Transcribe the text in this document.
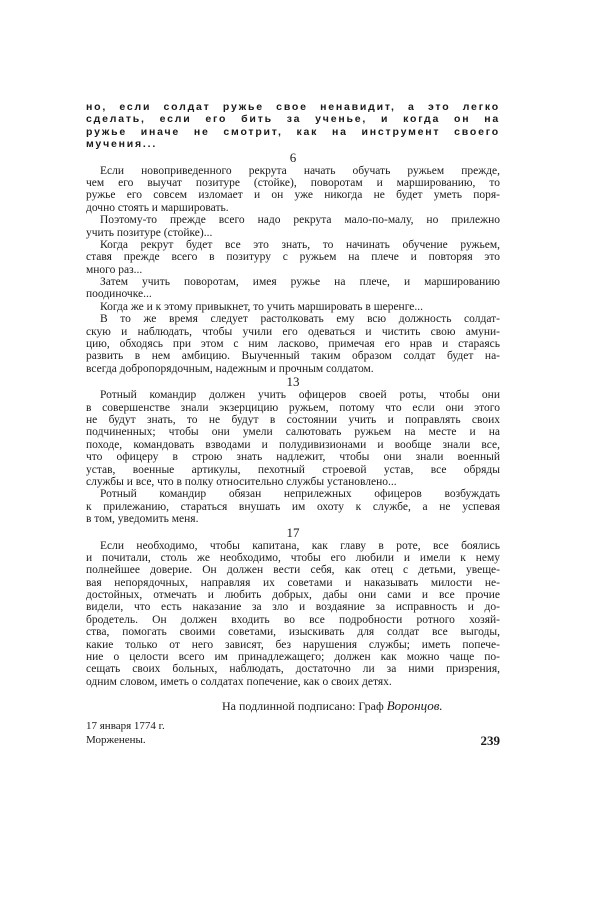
но, если солдат ружье свое ненавидит, а это легко
сделать, если его бить за ученье, и когда он на
ружье иначе не смотрит, как на инструмент своего
мучения...
6
Если новоприведенного рекрута начать обучать ружьем прежде,
чем его выучат позитуре (стойке), поворотам и маршированию, то
ружье его совсем изломает и он уже никогда не будет уметь поря-
дочно стоять и маршировать.
Поэтому-то прежде всего надо рекрута мало-по-малу, но прилежно
учить позитуре (стойке)...
Когда рекрут будет все это знать, то начинать обучение ружьем,
ставя прежде всего в позитуру с ружьем на плече и повторяя это
много раз...
Затем учить поворотам, имея ружье на плече, и маршированию
поодиночке...
Когда же и к этому привыкнет, то учить маршировать в шеренге...
В то же время следует растолковать ему всю должность солдат-
скую и наблюдать, чтобы учили его одеваться и чистить свою амуни-
цию, обходясь при этом с ним ласково, примечая его нрав и стараясь
развить в нем амбицию. Выученный таким образом солдат будет на-
всегда добропорядочным, надежным и прочным солдатом.
13
Ротный командир должен учить офицеров своей роты, чтобы они
в совершенстве знали экзерцицию ружьем, потому что если они этого
не будут знать, то не будут в состоянии учить и поправлять своих
подчиненных; чтобы они умели салютовать ружьем на месте и на
походе, командовать взводами и полудивизионами и вообще знали все,
что офицеру в строю знать надлежит, чтобы они знали военный
устав, военные артикулы, пехотный строевой устав, все обряды
службы и все, что в полку относительно службы установлено...
Ротный командир обязан неприлежных офицеров возбуждать
к прилежанию, стараться внушать им охоту к службе, а не успевая
в том, уведомить меня.
17
Если необходимо, чтобы капитана, как главу в роте, все боялись
и почитали, столь же необходимо, чтобы его любили и имели к нему
полнейшее доверие. Он должен вести себя, как отец с детьми, увеще-
вая непорядочных, направляя их советами и наказывать милости не-
достойных, отмечать и любить добрых, дабы они сами и все прочие
видели, что есть наказание за зло и воздаяние за исправность и до-
бродетель. Он должен входить во все подробности ротного хозяй-
ства, помогать своими советами, изыскивать для солдат все выгоды,
какие только от него зависят, без нарушения службы; иметь попече-
ние о целости всего им принадлежащего; должен как можно чаще по-
сещать своих больных, наблюдать, достаточно ли за ними призрения,
одним словом, иметь о солдатах попечение, как о своих детях.
На подлинной подписано: Граф Воронцов.
17 января 1774 г.
Морженены.	239
